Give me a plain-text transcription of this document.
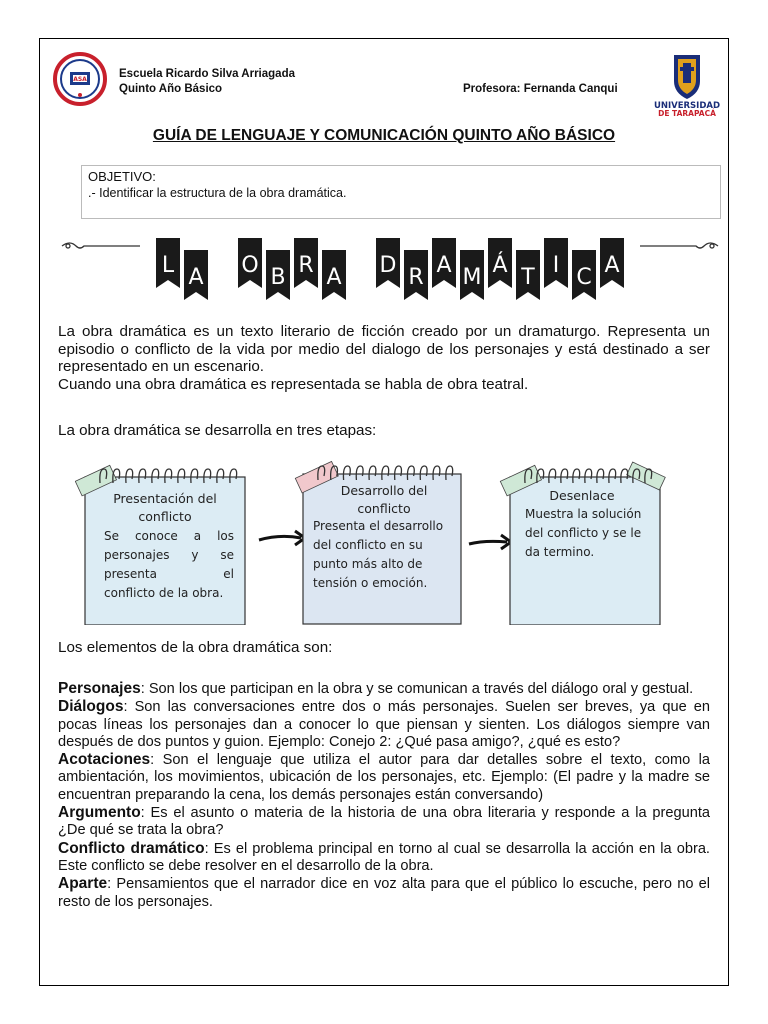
ASA	Escuela Ricardo Silva Arriagada
Quinto Año Básico	Profesora: Fernanda Canqui
UNIVERSIDAD
DE TARAPACÁ
GUÍA DE LENGUAJE Y COMUNICACIÓN QUINTO AÑO BÁSICO
OBJETIVO:
.- Identificar la estructura de la obra dramática.
L A O B R A D R A M Á T I C A
La obra dramática es un texto literario de ficción creado por un dramaturgo. Representa un episodio o conflicto de la vida por medio del dialogo de los personajes y está destinado a ser representado en un escenario.
Cuando una obra dramática es representada se habla de obra teatral.
La obra dramática se desarrolla en tres etapas:
Presentación del
conflicto
Se conoce a los
personajes y se
presenta el
conflicto de la obra.
Desarrollo del
conflicto
Presenta el desarrollo
del conflicto en su
punto más alto de
tensión o emoción.
Desenlace
Muestra la solución
del conflicto y se le
da termino.
Los elementos de la obra dramática son:

Personajes: Son los que participan en la obra y se comunican a través del diálogo oral y gestual.

Diálogos: Son las conversaciones entre dos o más personajes. Suelen ser breves, ya que en pocas líneas los personajes dan a conocer lo que piensan y sienten. Los diálogos siempre van después de dos puntos y guion. Ejemplo: Conejo 2: ¿Qué pasa amigo?, ¿qué es esto?

Acotaciones: Son el lenguaje que utiliza el autor para dar detalles sobre el texto, como la ambientación, los movimientos, ubicación de los personajes, etc. Ejemplo: (El padre y la madre se encuentran preparando la cena, los demás personajes están conversando)

Argumento: Es el asunto o materia de la historia de una obra literaria y responde a la pregunta ¿De qué se trata la obra?

Conflicto dramático: Es el problema principal en torno al cual se desarrolla la acción en la obra. Este conflicto se debe resolver en el desarrollo de la obra.

Aparte: Pensamientos que el narrador dice en voz alta para que el público lo escuche, pero no el resto de los personajes.
